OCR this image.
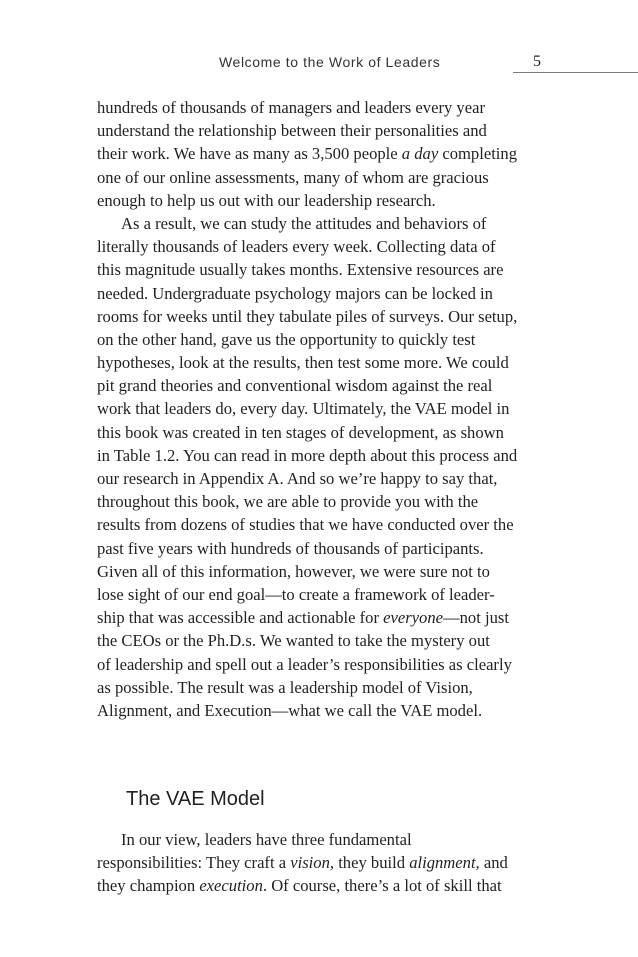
Welcome to the Work of Leaders	5
hundreds of thousands of managers and leaders every year
understand the relationship between their personalities and
their work. We have as many as 3,500 people a day completing
one of our online assessments, many of whom are gracious
enough to help us out with our leadership research.
As a result, we can study the attitudes and behaviors of
literally thousands of leaders every week. Collecting data of
this magnitude usually takes months. Extensive resources are
needed. Undergraduate psychology majors can be locked in
rooms for weeks until they tabulate piles of surveys. Our setup,
on the other hand, gave us the opportunity to quickly test
hypotheses, look at the results, then test some more. We could
pit grand theories and conventional wisdom against the real
work that leaders do, every day. Ultimately, the VAE model in
this book was created in ten stages of development, as shown
in Table 1.2. You can read in more depth about this process and
our research in Appendix A. And so we’re happy to say that,
throughout this book, we are able to provide you with the
results from dozens of studies that we have conducted over the
past five years with hundreds of thousands of participants.
Given all of this information, however, we were sure not to
lose sight of our end goal—to create a framework of leader-
ship that was accessible and actionable for everyone—not just
the CEOs or the Ph.D.s. We wanted to take the mystery out
of leadership and spell out a leader’s responsibilities as clearly
as possible. The result was a leadership model of Vision,
Alignment, and Execution—what we call the VAE model.
The VAE Model
In our view, leaders have three fundamental
responsibilities: They craft a vision, they build alignment, and
they champion execution. Of course, there’s a lot of skill that
